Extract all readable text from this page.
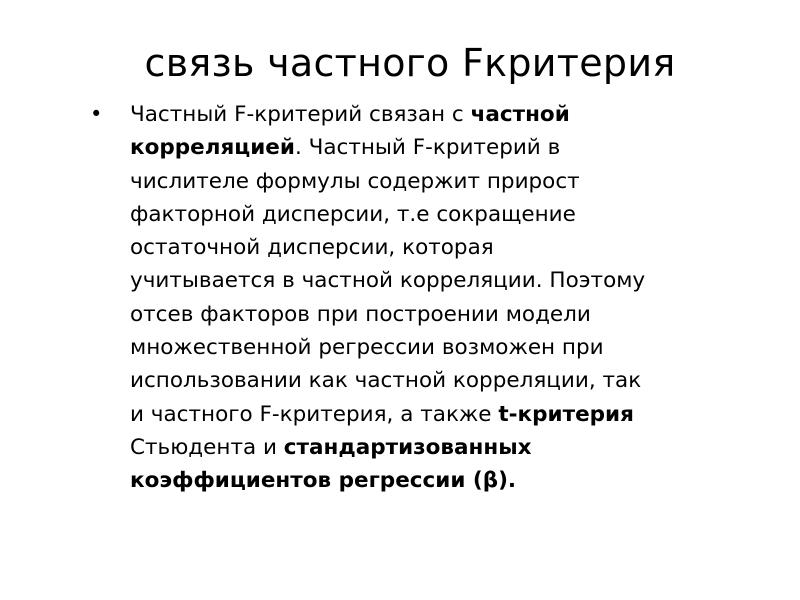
связь частного Fкритерия
•	Частный F-критерий связан с частной
корреляцией. Частный F-критерий в
числителе формулы содержит прирост
факторной дисперсии, т.е сокращение
остаточной дисперсии, которая
учитывается в частной корреляции. Поэтому
отсев факторов при построении модели
множественной регрессии возможен при
использовании как частной корреляции, так
и частного F-критерия, а также t-критерия
Стьюдента и стандартизованных
коэффициентов регрессии (β).
